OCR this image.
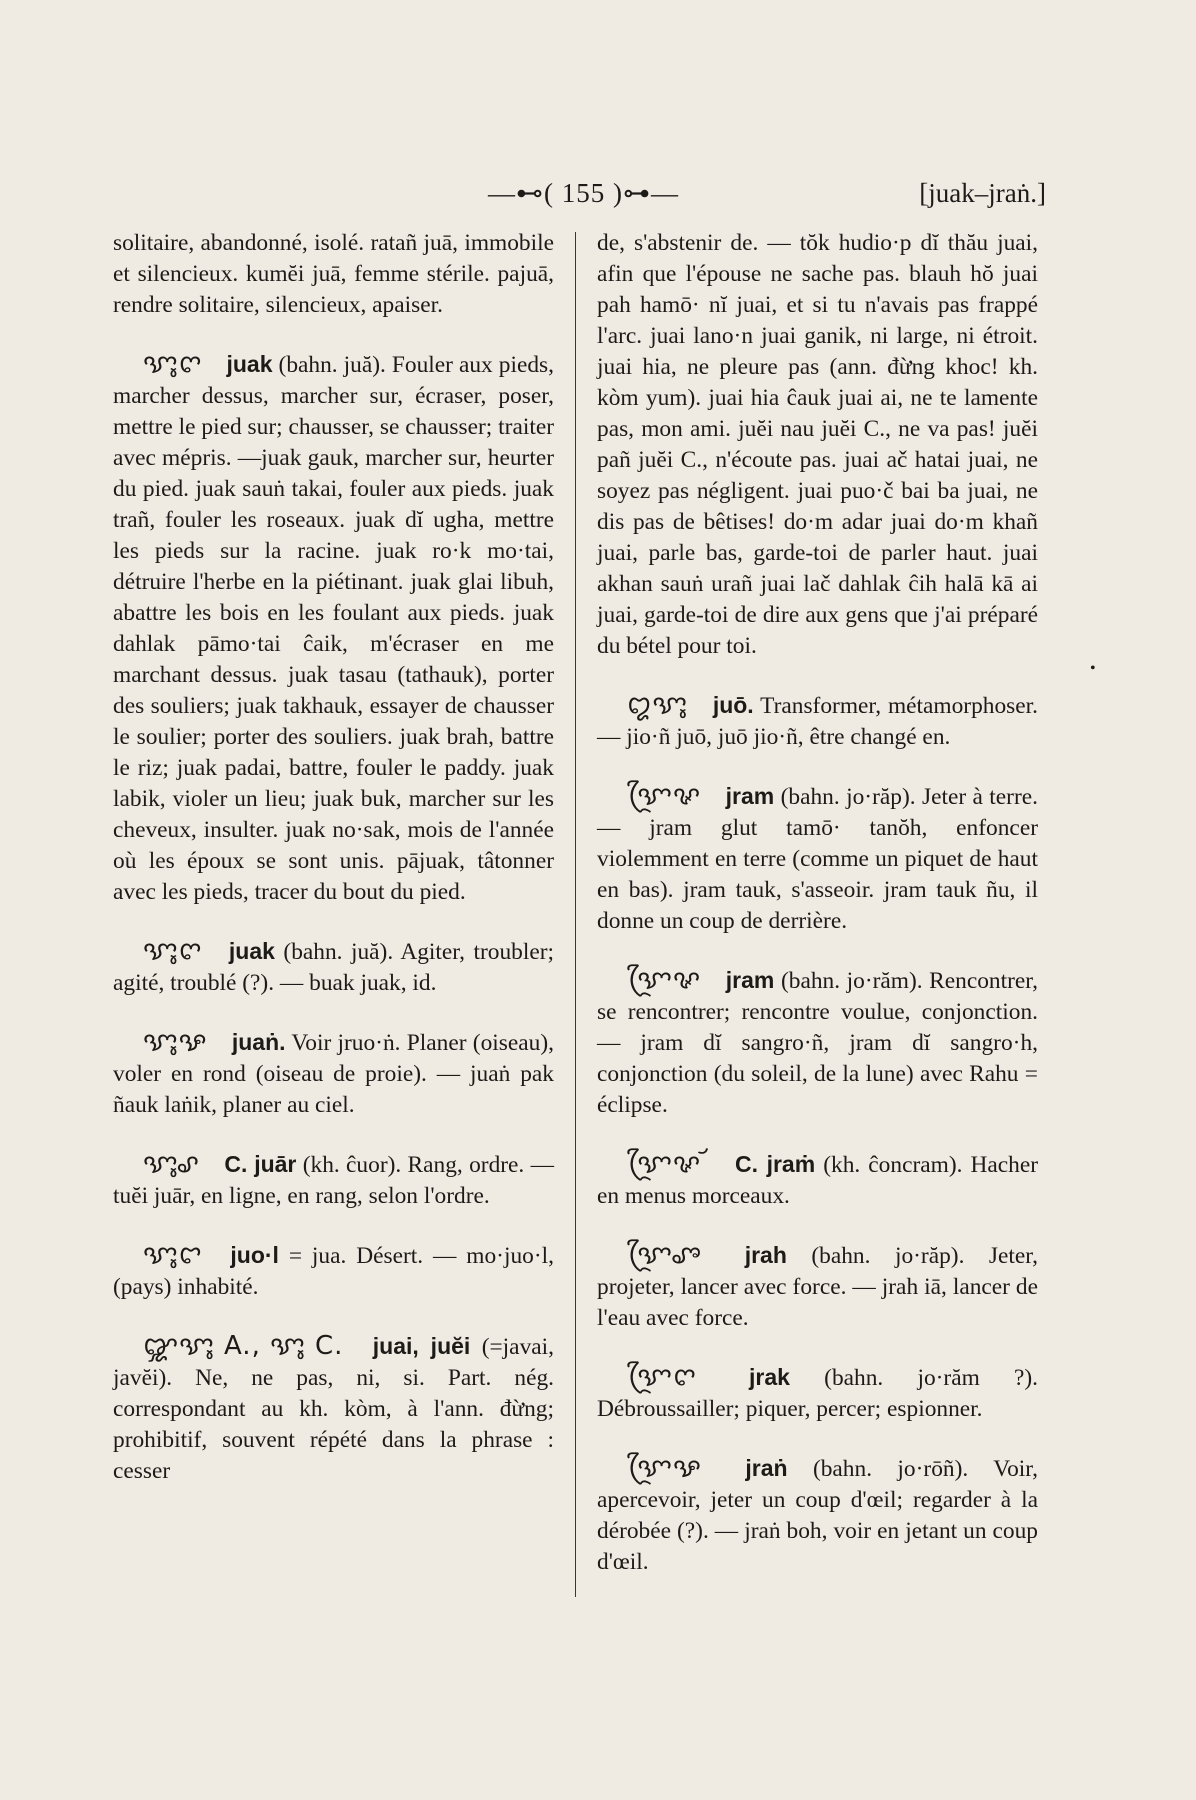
—⊷( 155 )⊶—	[juak–jraṅ.]

solitaire, abandonné, isolé. ratañ juā, immobile et silencieux. kumĕi juā, femme stérile. pajuā, rendre solitaire, silencieux, apaiser.

ꨎꨶꨈ juak (bahn. juă). Fouler aux pieds, marcher dessus, marcher sur, écraser, poser, mettre le pied sur; chausser, se chausser; traiter avec mépris. —juak gauk, marcher sur, heurter du pied. juak sauṅ takai, fouler aux pieds. juak trañ, fouler les roseaux. juak dĭ ugha, mettre les pieds sur la racine. juak ro·k mo·tai, détruire l'herbe en la piétinant. juak glai libuh, abattre les bois en les foulant aux pieds. juak dahlak pāmo·tai ĉaik, m'écraser en me marchant dessus. juak tasau (tathauk), porter des souliers; juak takhauk, essayer de chausser le soulier; porter des souliers. juak brah, battre le riz; juak padai, battre, fouler le paddy. juak labik, violer un lieu; juak buk, marcher sur les cheveux, insulter. juak no·sak, mois de l'année où les époux se sont unis. pājuak, tâtonner avec les pieds, tracer du bout du pied.

ꨎꨶꨈ juak (bahn. juă). Agiter, troubler; agité, troublé (?). — buak juak, id.

ꨎꨶꨊ juaṅ. Voir jruo·ṅ. Planer (oiseau), voler en rond (oiseau de proie). — juaṅ pak ñauk laṅik, planer au ciel.

ꨎꨶꨣ C. juār (kh. ĉuor). Rang, ordre. — tuĕi juār, en ligne, en rang, selon l'ordre.

ꨎꨶꨤ juo·l = jua. Désert. — mo·juo·l, (pays) inhabité.

ꨒꨎꨶ A., ꨎꨶ C. juai, juĕi (=javai, javĕi). Ne, ne pas, ni, si. Part. nég. correspondant au kh. kòm, à l'ann. đừng; prohibitif, souvent répété dans la phrase : cesser

de, s'abstenir de. — tŏk hudio·p dĭ thău juai, afin que l'épouse ne sache pas. blauh hŏ juai pah hamō· nĭ juai, et si tu n'avais pas frappé l'arc. juai lano·n juai ganik, ni large, ni étroit. juai hia, ne pleure pas (ann. đừng khoc! kh. kòm yum). juai hia ĉauk juai ai, ne te lamente pas, mon ami. juĕi nau juĕi C., ne va pas! juĕi pañ juĕi C., n'écoute pas. juai ač hatai juai, ne soyez pas négligent. juai puo·č bai ba juai, ne dis pas de bêtises! do·m adar juai do·m khañ juai, parle bas, garde-toi de parler haut. juai akhan sauṅ urañ juai lač dahlak ĉih halā kā ai juai, garde-toi de dire aux gens que j'ai préparé du bétel pour toi.

ꨁꨎꨶ juō. Transformer, métamorphoser. — jio·ñ juō, juō jio·ñ, être changé en.

ꨎꨴꨟ jram (bahn. jo·răp). Jeter à terre. — jram glut tamō· tanŏh, enfoncer violemment en terre (comme un piquet de haut en bas). jram tauk, s'asseoir. jram tauk ñu, il donne un coup de derrière.

ꨎꨴꨟ jram (bahn. jo·răm). Rencontrer, se rencontrer; rencontre voulue, conjonction. — jram dĭ sangro·ñ, jram dĭ sangro·h, conjonction (du soleil, de la lune) avec Rahu = éclipse.

ꨎꨴꨟ ꨮ C. jraṁ (kh. ĉoncram). Hacher en menus morceaux.

ꨎꨴꨨ jrah (bahn. jo·răp). Jeter, projeter, lancer avec force. — jrah iā, lancer de l'eau avec force.

ꨎꨴꨈ jrak (bahn. jo·răm ?). Débroussailler; piquer, percer; espionner.

ꨎꨴꨊ jraṅ (bahn. jo·rōñ). Voir, apercevoir, jeter un coup d'œil; regarder à la dérobée (?). — jraṅ boh, voir en jetant un coup d'œil.

•
